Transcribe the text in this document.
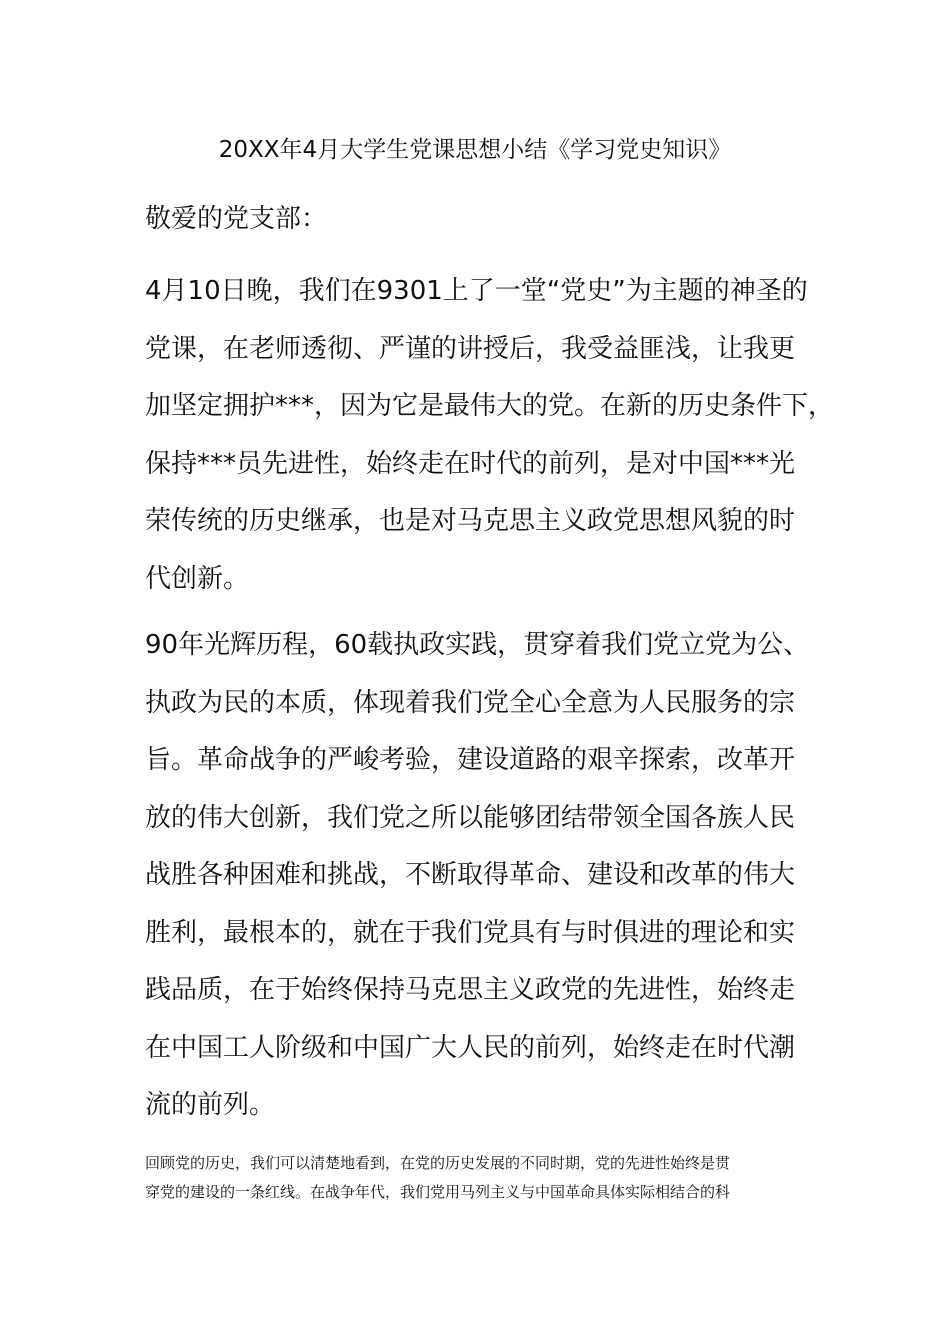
20XX年4月大学生党课思想小结《学习党史知识》

敬爱的党支部：

4月10日晚，我们在9301上了一堂“党史”为主题的神圣的
党课，在老师透彻、严谨的讲授后，我受益匪浅，让我更
加坚定拥护***，因为它是最伟大的党。在新的历史条件下，
保持***员先进性，始终走在时代的前列，是对中国***光
荣传统的历史继承，也是对马克思主义政党思想风貌的时
代创新。

90年光辉历程，60载执政实践，贯穿着我们党立党为公、
执政为民的本质，体现着我们党全心全意为人民服务的宗
旨。革命战争的严峻考验，建设道路的艰辛探索，改革开
放的伟大创新，我们党之所以能够团结带领全国各族人民
战胜各种困难和挑战，不断取得革命、建设和改革的伟大
胜利，最根本的，就在于我们党具有与时俱进的理论和实
践品质，在于始终保持马克思主义政党的先进性，始终走
在中国工人阶级和中国广大人民的前列，始终走在时代潮
流的前列。

回顾党的历史，我们可以清楚地看到，在党的历史发展的不同时期，党的先进性始终是贯
穿党的建设的一条红线。在战争年代，我们党用马列主义与中国革命具体实际相结合的科
